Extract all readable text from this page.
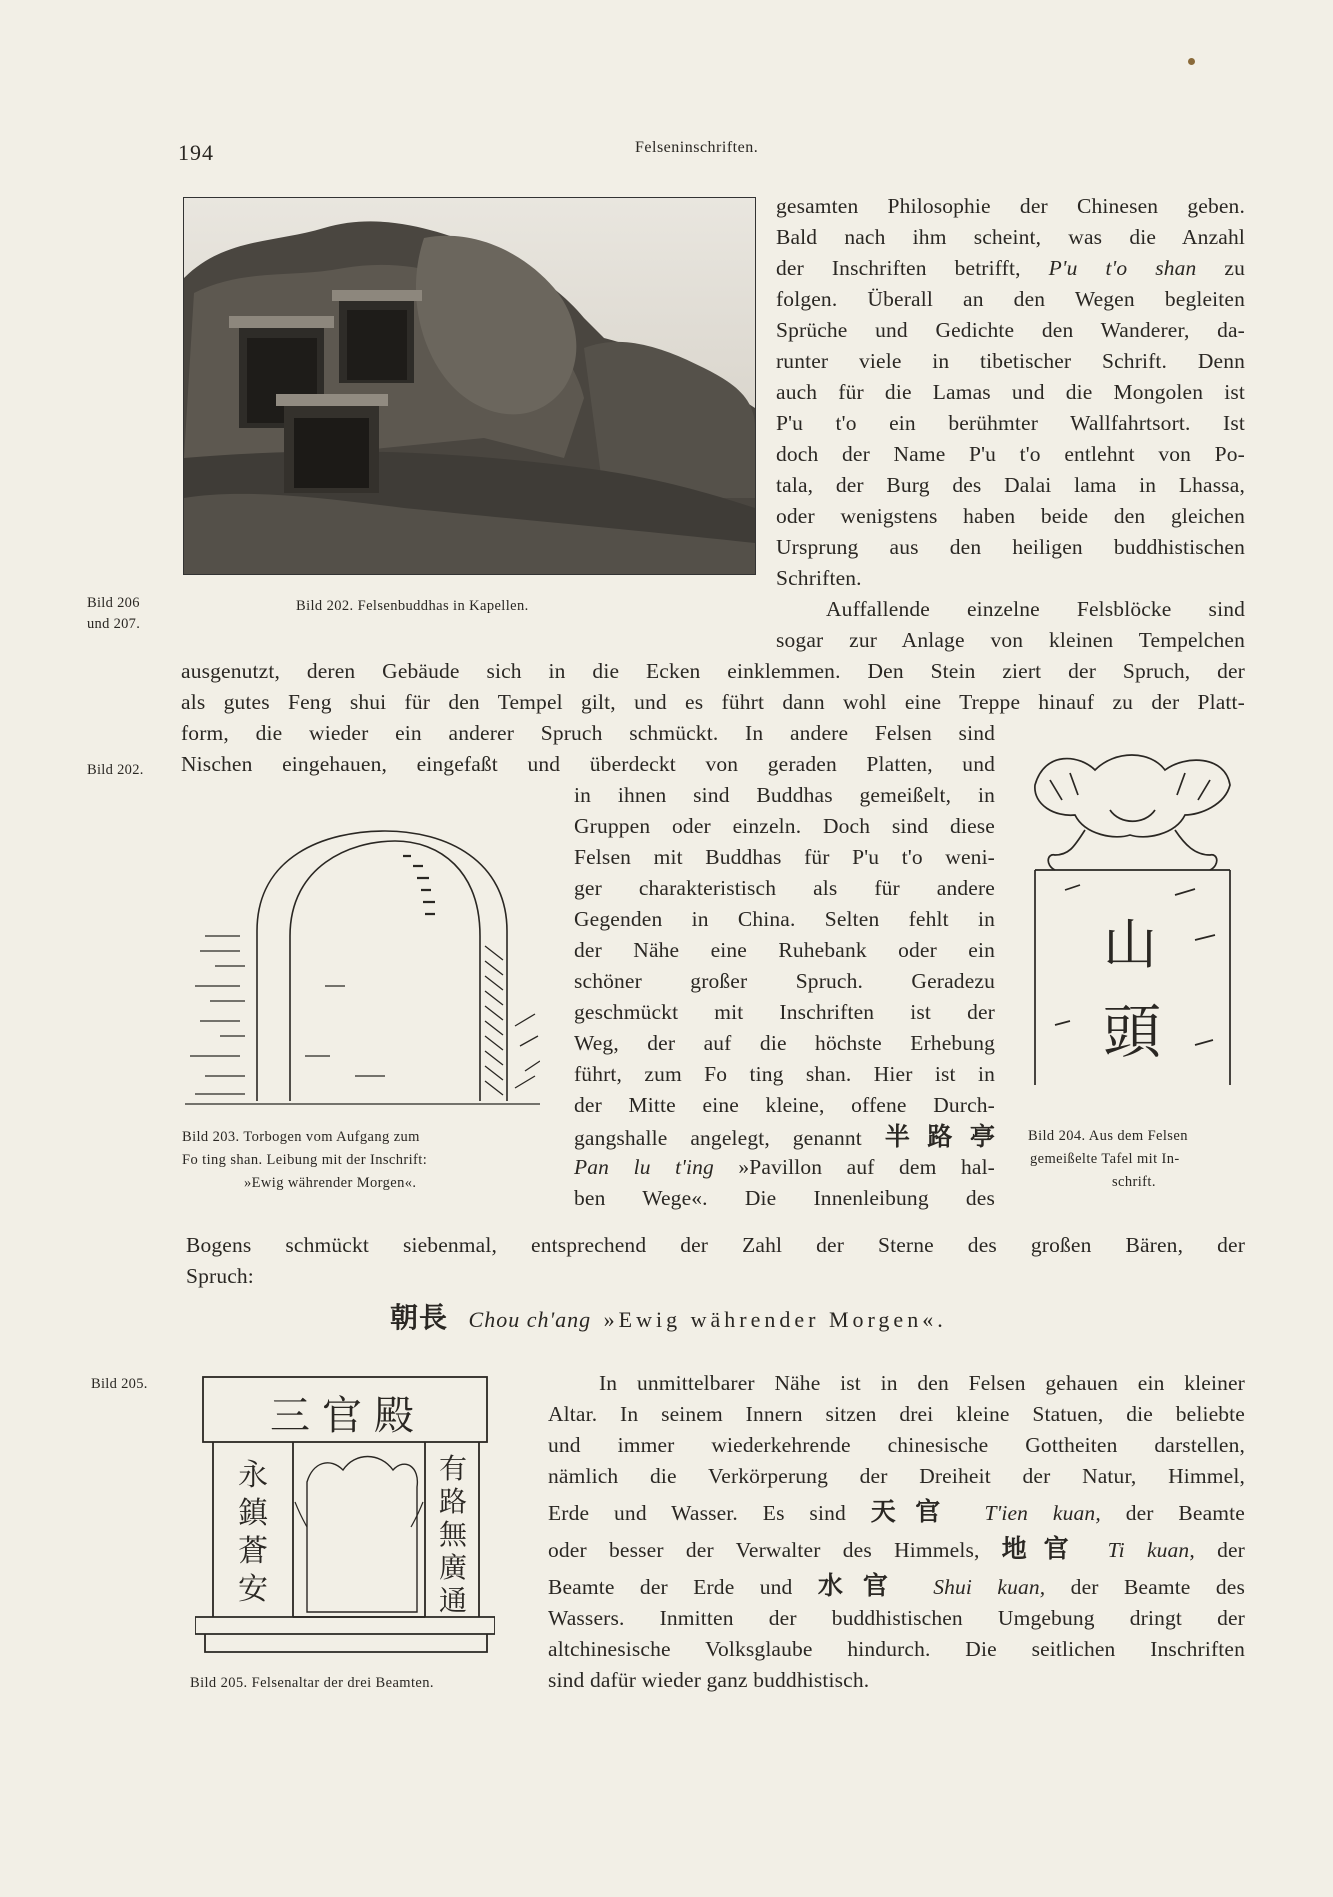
194	Felseninschriften.
Bild 202. Felsenbuddhas in Kapellen.
Bild 206
und 207.
Bild 202.
Bild 205.
gesamten Philosophie der Chinesen geben.
Bald nach ihm scheint, was die Anzahl
der Inschriften betrifft, P'u t'o shan zu
folgen. Überall an den Wegen begleiten
Sprüche und Gedichte den Wanderer, da-
runter viele in tibetischer Schrift. Denn
auch für die Lamas und die Mongolen ist
P'u t'o ein berühmter Wallfahrtsort. Ist
doch der Name P'u t'o entlehnt von Po-
tala, der Burg des Dalai lama in Lhassa,
oder wenigstens haben beide den gleichen
Ursprung aus den heiligen buddhistischen
Schriften.
Auffallende einzelne Felsblöcke sind
sogar zur Anlage von kleinen Tempelchen
ausgenutzt, deren Gebäude sich in die Ecken einklemmen. Den Stein ziert der Spruch, der
als gutes Feng shui für den Tempel gilt, und es führt dann wohl eine Treppe hinauf zu der Platt-
form, die wieder ein anderer Spruch schmückt. In andere Felsen sind
Nischen eingehauen, eingefaßt und überdeckt von geraden Platten, und
in ihnen sind Buddhas gemeißelt, in
Gruppen oder einzeln. Doch sind diese
Felsen mit Buddhas für P'u t'o weni-
ger charakteristisch als für andere
Gegenden in China. Selten fehlt in
der Nähe eine Ruhebank oder ein
schöner großer Spruch. Geradezu
geschmückt mit Inschriften ist der
Weg, der auf die höchste Erhebung
führt, zum Fo ting shan. Hier ist in
der Mitte eine kleine, offene Durch-
gangshalle angelegt, genannt 半路亭
Pan lu t'ing »Pavillon auf dem hal-
ben Wege«. Die Innenleibung des
Bogens schmückt siebenmal, entsprechend der Zahl der Sterne des großen Bären, der
Spruch:
朝長 Chou ch'ang »Ewig währender Morgen«.
In unmittelbarer Nähe ist in den Felsen gehauen ein kleiner
Altar. In seinem Innern sitzen drei kleine Statuen, die beliebte
und immer wiederkehrende chinesische Gottheiten darstellen,
nämlich die Verkörperung der Dreiheit der Natur, Himmel,
Erde und Wasser. Es sind 天官 T'ien kuan, der Beamte
oder besser der Verwalter des Himmels, 地官 Ti kuan, der
Beamte der Erde und 水官 Shui kuan, der Beamte des
Wassers. Inmitten der buddhistischen Umgebung dringt der
altchinesische Volksglaube hindurch. Die seitlichen Inschriften
sind dafür wieder ganz buddhistisch.
Bild 203. Torbogen vom Aufgang zum
Fo ting shan. Leibung mit der Inschrift:
»Ewig währender Morgen«.
山
頭
Bild 204. Aus dem Felsen
gemeißelte Tafel mit In-
schrift.
三官殿
永鎮蒼安
有路無廣通
Bild 205. Felsenaltar der drei Beamten.
